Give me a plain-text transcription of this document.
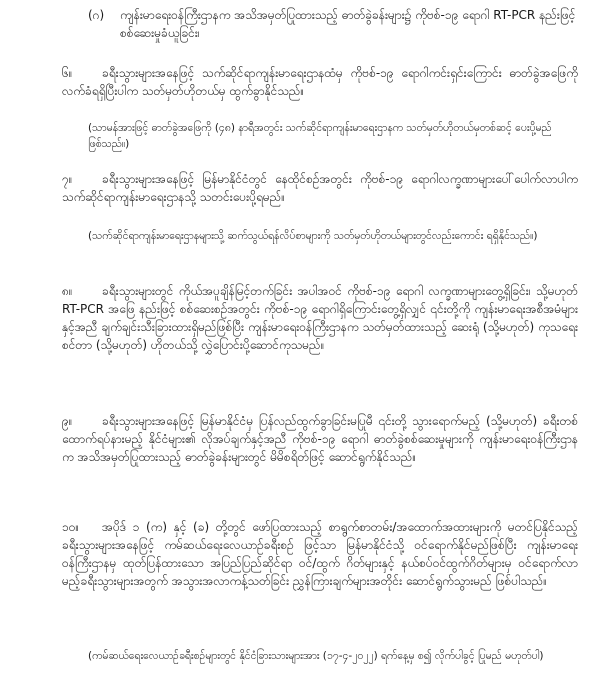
(ဂ)	ကျန်းမာရေးဝန်ကြီးဌာနက အသိအမှတ်ပြုထားသည့် ဓာတ်ခွဲခန်းများ၌ ကိုဗစ်-၁၉ ရောဂါ RT-PCR နည်းဖြင့် စစ်ဆေးမှုခံယူခြင်း၊
၆။	ခရီးသွားများအနေဖြင့် သက်ဆိုင်ရာကျန်းမာရေးဌာနထံမှ ကိုဗစ်-၁၉ ရောဂါကင်းရှင်းကြောင်း ဓာတ်ခွဲအဖြေကို လက်ခံရရှိပြီးပါက သတ်မှတ်ဟိုတယ်မှ ထွက်ခွာနိုင်သည်။
(သာမန်အားဖြင့် ဓာတ်ခွဲအဖြေကို (၄၈) နာရီအတွင်း သက်ဆိုင်ရာကျန်းမာရေးဌာနက သတ်မှတ်ဟိုတယ်မှတစ်ဆင့် ပေးပို့မည် ဖြစ်သည်။)
၇။	ခရီးသွားများအနေဖြင့် မြန်မာနိုင်ငံတွင် နေထိုင်စဉ်အတွင်း ကိုဗစ်-၁၉ ရောဂါလက္ခဏာများပေါ်ပေါက်လာပါက သက်ဆိုင်ရာကျန်းမာရေးဌာနသို့ သတင်းပေးပို့ရမည်။
(သက်ဆိုင်ရာကျန်းမာရေးဌာနများသို့ ဆက်သွယ်ရန်လိပ်စာများကို သတ်မှတ်ဟိုတယ်များတွင်လည်းကောင်း ရရှိနိုင်သည်။)
၈။	ခရီးသွားများတွင် ကိုယ်အပူချိန်မြင့်တက်ခြင်း အပါအဝင် ကိုဗစ်-၁၉ ရောဂါ လက္ခဏာများတွေ့ရှိခြင်း၊ သို့မဟုတ် RT-PCR အဖြေ နည်းဖြင့် စစ်ဆေးစဉ်အတွင်း ကိုဗစ်-၁၉ ရောဂါရှိကြောင်းတွေ့ရှိလျှင် ၎င်းတို့ကို ကျန်းမာရေးအစီအမံများနှင့်အညီ ချက်ချင်းသီးခြားထားရှိမည်ဖြစ်ပြီး ကျန်းမာရေးဝန်ကြီးဌာနက သတ်မှတ်ထားသည့် ဆေးရုံ (သို့မဟုတ်) ကုသရေးစင်တာ (သို့မဟုတ်) ဟိုတယ်သို့ လွှဲပြောင်းပို့ဆောင်ကုသမည်။
၉။	ခရီးသွားများအနေဖြင့် မြန်မာနိုင်ငံမှ ပြန်လည်ထွက်ခွာခြင်းမပြုမီ ၎င်းတို့ သွားရောက်မည့် (သို့မဟုတ်) ခရီးတစ်ထောက်ရပ်နားမည့် နိုင်ငံများ၏ လိုအပ်ချက်နှင့်အညီ ကိုဗစ်-၁၉ ရောဂါ ဓာတ်ခွဲစစ်ဆေးမှုများကို ကျန်းမာရေးဝန်ကြီးဌာနက အသိအမှတ်ပြုထားသည့် ဓာတ်ခွဲခန်းများတွင် မိမိစရိတ်ဖြင့် ဆောင်ရွက်နိုင်သည်။
၁၀။	အပိုဒ် ၁ (က) နှင့် (ခ) တို့တွင် ဖော်ပြထားသည့် စာရွက်စာတမ်း/အထောက်အထားများကို မတင်ပြနိုင်သည့် ခရီးသွားများအနေဖြင့် ကမ်ဆယ်ရေးလေယာဉ်ခရီးစဉ် ဖြင့်သာ မြန်မာနိုင်ငံသို့ ဝင်ရောက်နိုင်မည်ဖြစ်ပြီး ကျန်းမာရေးဝန်ကြီးဌာနမှ ထုတ်ပြန်ထားသော အပြည်ပြည်ဆိုင်ရာ ဝင်/ထွက် ဂိတ်များနှင့် နယ်စပ်ဝင်ထွက်ဂိတ်များမှ ဝင်ရောက်လာမည့်ခရီးသွားများအတွက် အသွားအလာကန့်သတ်ခြင်း ညွှန်ကြားချက်များအတိုင်း ဆောင်ရွက်သွားမည် ဖြစ်ပါသည်။
(ကမ်ဆယ်ရေးလေယာဉ်ခရီးစဉ်များတွင် နိုင်ငံခြားသားများအား (၁၇-၄-၂၀၂၂) ရက်နေ့မှ စ၍ လိုက်ပါခွင့် ပြုမည် မဟုတ်ပါ)
